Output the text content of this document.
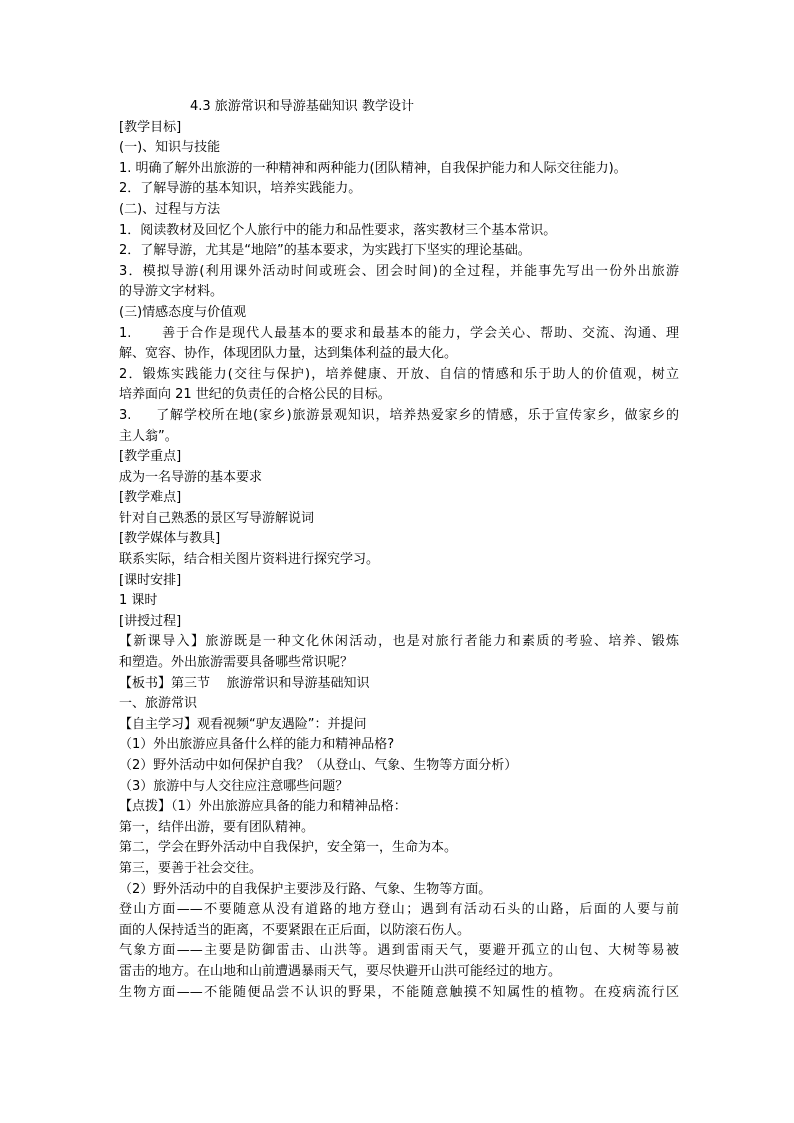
4.3 旅游常识和导游基础知识 教学设计
[教学目标]
(一)、知识与技能
1. 明确了解外出旅游的一种精神和两种能力(团队精神，自我保护能力和人际交往能力)。
2．了解导游的基本知识，培养实践能力。
(二)、过程与方法
1．阅读教材及回忆个人旅行中的能力和品性要求，落实教材三个基本常识。
2．了解导游，尤其是“地陪”的基本要求，为实践打下坚实的理论基础。
3．模拟导游(利用课外活动时间或班会、团会时间)的全过程，并能事先写出一份外出旅游
的导游文字材料。
(三)情感态度与价值观
1.      善于合作是现代人最基本的要求和最基本的能力，学会关心、帮助、交流、沟通、理
解、宽容、协作，体现团队力量，达到集体利益的最大化。
2．锻炼实践能力(交往与保护)，培养健康、开放、自信的情感和乐于助人的价值观，树立
培养面向 21 世纪的负责任的合格公民的目标。
3.     了解学校所在地(家乡)旅游景观知识，培养热爱家乡的情感，乐于宣传家乡，做家乡的
主人翁”。
[教学重点]
成为一名导游的基本要求
[教学难点]
针对自己熟悉的景区写导游解说词
[教学媒体与教具]
联系实际，结合相关图片资料进行探究学习。
[课时安排]
1 课时
[讲授过程]
【新课导入】旅游既是一种文化休闲活动，也是对旅行者能力和素质的考验、培养、锻炼
和塑造。外出旅游需要具备哪些常识呢？
【板书】第三节    旅游常识和导游基础知识
一、旅游常识
【自主学习】观看视频“驴友遇险”：并提问
（1）外出旅游应具备什么样的能力和精神品格?
（2）野外活动中如何保护自我？（从登山、气象、生物等方面分析）
（3）旅游中与人交往应注意哪些问题？
【点拨】（1）外出旅游应具备的能力和精神品格：
第一，结伴出游，要有团队精神。
第二，学会在野外活动中自我保护，安全第一，生命为本。
第三，要善于社会交往。
（2）野外活动中的自我保护主要涉及行路、气象、生物等方面。
登山方面——不要随意从没有道路的地方登山；遇到有活动石头的山路，后面的人要与前
面的人保持适当的距离，不要紧跟在正后面，以防滚石伤人。
气象方面——主要是防御雷击、山洪等。遇到雷雨天气，要避开孤立的山包、大树等易被
雷击的地方。在山地和山前遭遇暴雨天气，要尽快避开山洪可能经过的地方。
生物方面——不能随便品尝不认识的野果，不能随意触摸不知属性的植物。在疫病流行区
